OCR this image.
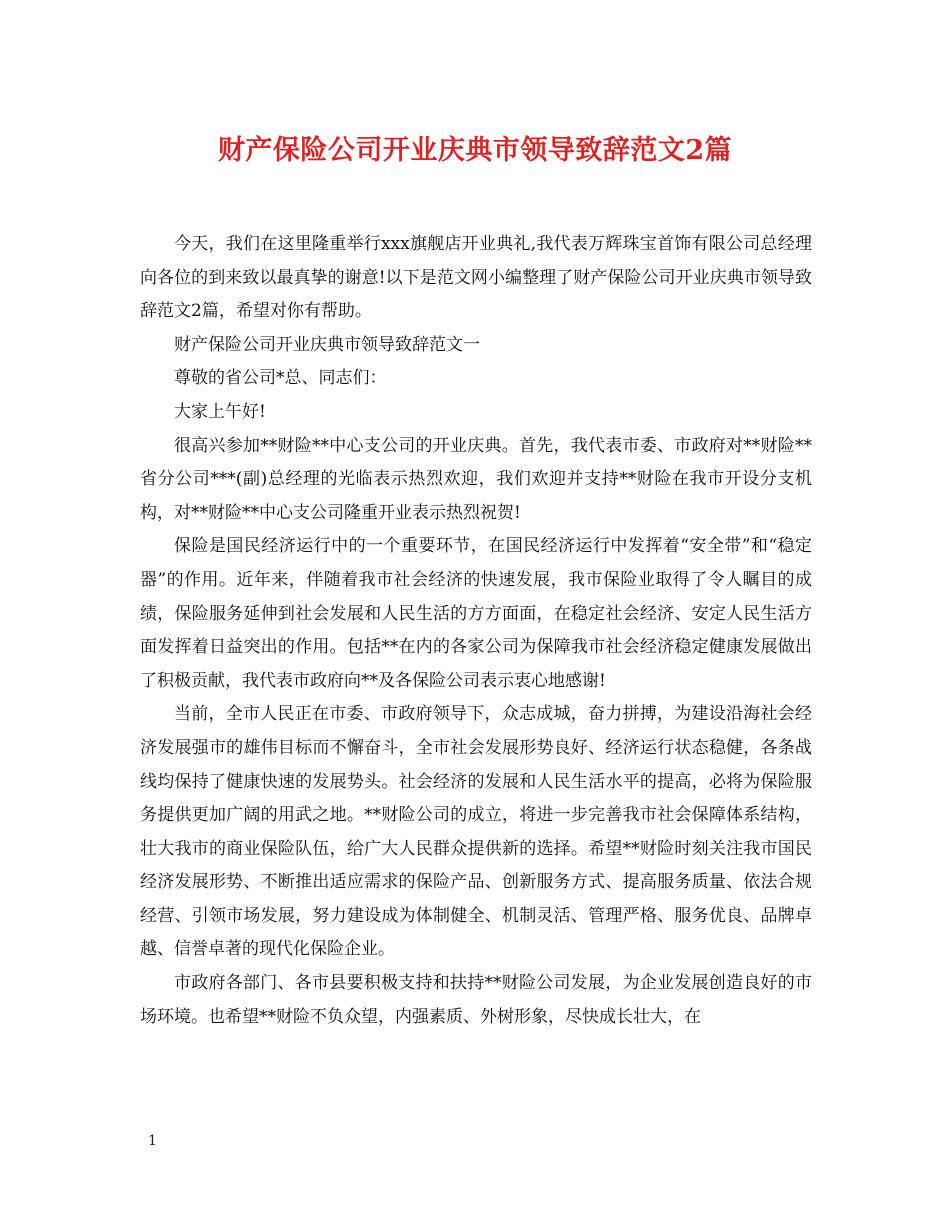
财产保险公司开业庆典市领导致辞范文2篇

今天，我们在这里隆重举行xxx旗舰店开业典礼,我代表万辉珠宝首饰有限公司总经理向各位的到来致以最真挚的谢意!以下是范文网小编整理了财产保险公司开业庆典市领导致辞范文2篇，希望对你有帮助。

财产保险公司开业庆典市领导致辞范文一

尊敬的省公司*总、同志们：

大家上午好!

很高兴参加**财险**中心支公司的开业庆典。首先，我代表市委、市政府对**财险**省分公司***(副)总经理的光临表示热烈欢迎，我们欢迎并支持**财险在我市开设分支机构，对**财险**中心支公司隆重开业表示热烈祝贺!

保险是国民经济运行中的一个重要环节，在国民经济运行中发挥着“安全带”和“稳定器”的作用。近年来，伴随着我市社会经济的快速发展，我市保险业取得了令人瞩目的成绩，保险服务延伸到社会发展和人民生活的方方面面，在稳定社会经济、安定人民生活方面发挥着日益突出的作用。包括**在内的各家公司为保障我市社会经济稳定健康发展做出了积极贡献，我代表市政府向**及各保险公司表示衷心地感谢!

当前，全市人民正在市委、市政府领导下，众志成城，奋力拼搏，为建设沿海社会经济发展强市的雄伟目标而不懈奋斗，全市社会发展形势良好、经济运行状态稳健，各条战线均保持了健康快速的发展势头。社会经济的发展和人民生活水平的提高，必将为保险服务提供更加广阔的用武之地。**财险公司的成立，将进一步完善我市社会保障体系结构，壮大我市的商业保险队伍，给广大人民群众提供新的选择。希望**财险时刻关注我市国民经济发展形势、不断推出适应需求的保险产品、创新服务方式、提高服务质量、依法合规经营、引领市场发展，努力建设成为体制健全、机制灵活、管理严格、服务优良、品牌卓越、信誉卓著的现代化保险企业。

市政府各部门、各市县要积极支持和扶持**财险公司发展，为企业发展创造良好的市场环境。也希望**财险不负众望，内强素质、外树形象，尽快成长壮大，在

1
